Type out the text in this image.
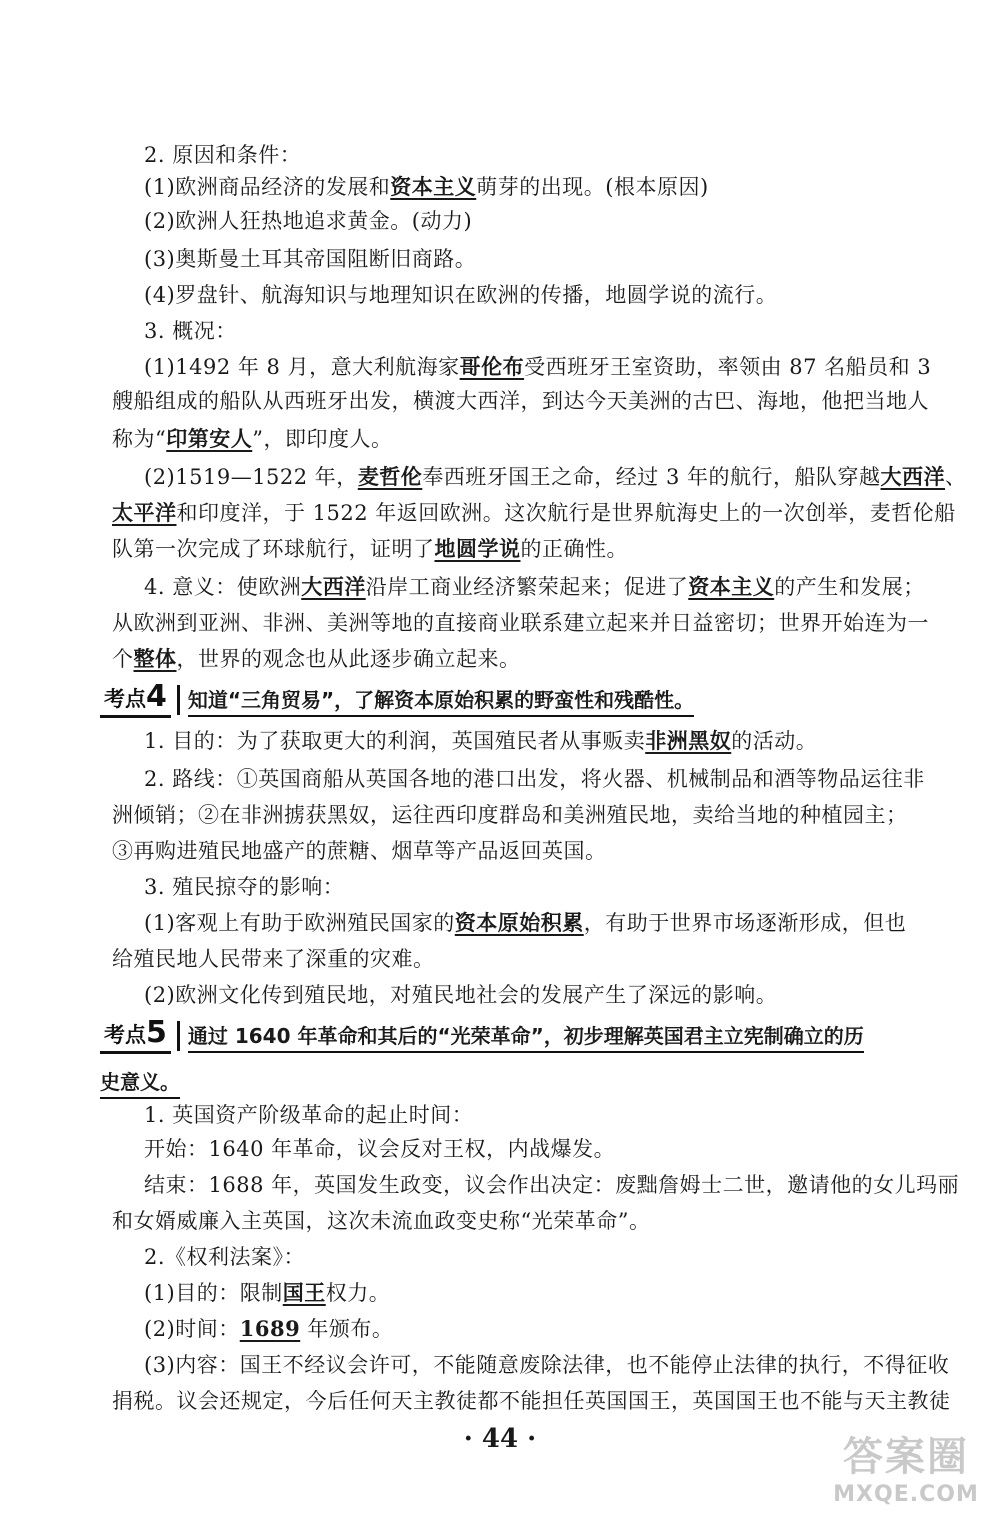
2. 原因和条件：
(1)欧洲商品经济的发展和资本主义萌芽的出现。(根本原因)
(2)欧洲人狂热地追求黄金。(动力)
(3)奥斯曼土耳其帝国阻断旧商路。
(4)罗盘针、航海知识与地理知识在欧洲的传播，地圆学说的流行。
3. 概况：
(1)1492 年 8 月，意大利航海家哥伦布受西班牙王室资助，率领由 87 名船员和 3
艘船组成的船队从西班牙出发，横渡大西洋，到达今天美洲的古巴、海地，他把当地人
称为“印第安人”，即印度人。
(2)1519—1522 年，麦哲伦奉西班牙国王之命，经过 3 年的航行，船队穿越大西洋、
太平洋和印度洋，于 1522 年返回欧洲。这次航行是世界航海史上的一次创举，麦哲伦船
队第一次完成了环球航行，证明了地圆学说的正确性。
4. 意义：使欧洲大西洋沿岸工商业经济繁荣起来；促进了资本主义的产生和发展；
从欧洲到亚洲、非洲、美洲等地的直接商业联系建立起来并日益密切；世界开始连为一
个整体，世界的观念也从此逐步确立起来。
考点4 知道“三角贸易”，了解资本原始积累的野蛮性和残酷性。
1. 目的：为了获取更大的利润，英国殖民者从事贩卖非洲黑奴的活动。
2. 路线：①英国商船从英国各地的港口出发，将火器、机械制品和酒等物品运往非
洲倾销；②在非洲掳获黑奴，运往西印度群岛和美洲殖民地，卖给当地的种植园主；
③再购进殖民地盛产的蔗糖、烟草等产品返回英国。
3. 殖民掠夺的影响：
(1)客观上有助于欧洲殖民国家的资本原始积累，有助于世界市场逐渐形成，但也
给殖民地人民带来了深重的灾难。
(2)欧洲文化传到殖民地，对殖民地社会的发展产生了深远的影响。
考点5 通过 1640 年革命和其后的“光荣革命”，初步理解英国君主立宪制确立的历
史意义。
1. 英国资产阶级革命的起止时间：
开始：1640 年革命，议会反对王权，内战爆发。
结束：1688 年，英国发生政变，议会作出决定：废黜詹姆士二世，邀请他的女儿玛丽
和女婿威廉入主英国，这次未流血政变史称“光荣革命”。
2.《权利法案》：
(1)目的：限制国王权力。
(2)时间：1689 年颁布。
(3)内容：国王不经议会许可，不能随意废除法律，也不能停止法律的执行，不得征收
捐税。议会还规定，今后任何天主教徒都不能担任英国国王，英国国王也不能与天主教徒
· 44 ·	答案圈
MXQE.COM
